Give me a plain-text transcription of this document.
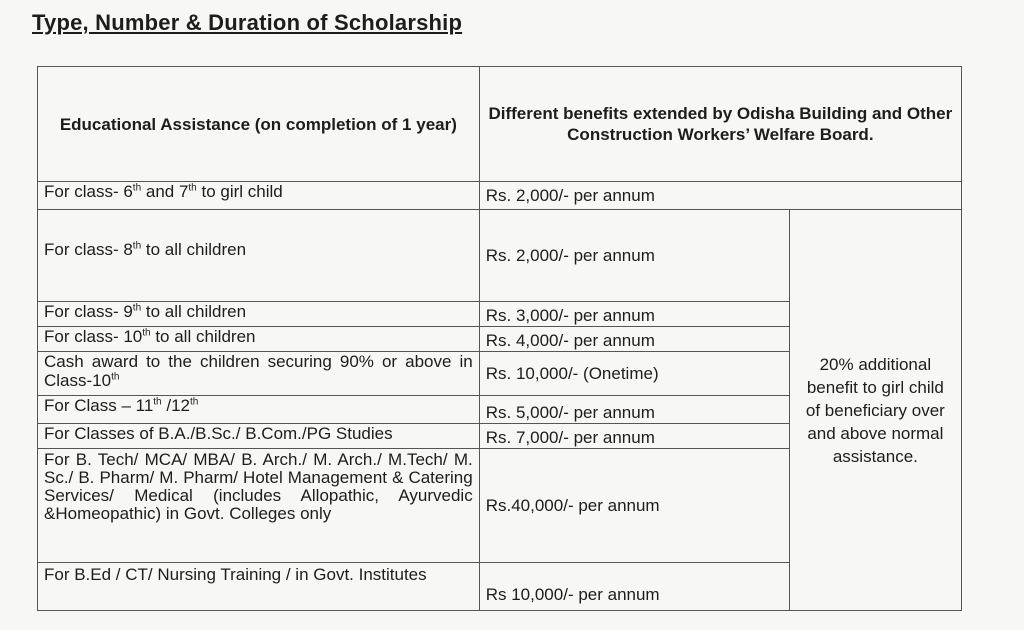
Type, Number & Duration of Scholarship
Educational Assistance (on completion of 1 year)	Different benefits extended by Odisha Building and Other Construction Workers’ Welfare Board.	
For class- 6th and 7th to girl child	Rs. 2,000/- per annum	
For class- 8th to all children	Rs. 2,000/- per annum	20% additional benefit to girl child of beneficiary over and above normal assistance.
For class- 9th to all children	Rs. 3,000/- per annum	
For class- 10th to all children	Rs. 4,000/- per annum	
Cash award to the children securing 90% or above in Class-10th	Rs. 10,000/- (Onetime)	
For Class – 11th /12th	Rs. 5,000/- per annum	
For Classes of B.A./B.Sc./ B.Com./PG Studies	Rs. 7,000/- per annum	
For B. Tech/ MCA/ MBA/ B. Arch./ M. Arch./ M.Tech/ M. Sc./ B. Pharm/ M. Pharm/ Hotel Management & Catering Services/ Medical (includes Allopathic, Ayurvedic &Homeopathic) in Govt. Colleges only	Rs.40,000/- per annum	
For B.Ed / CT/ Nursing Training / in Govt. Institutes	Rs 10,000/- per annum	
